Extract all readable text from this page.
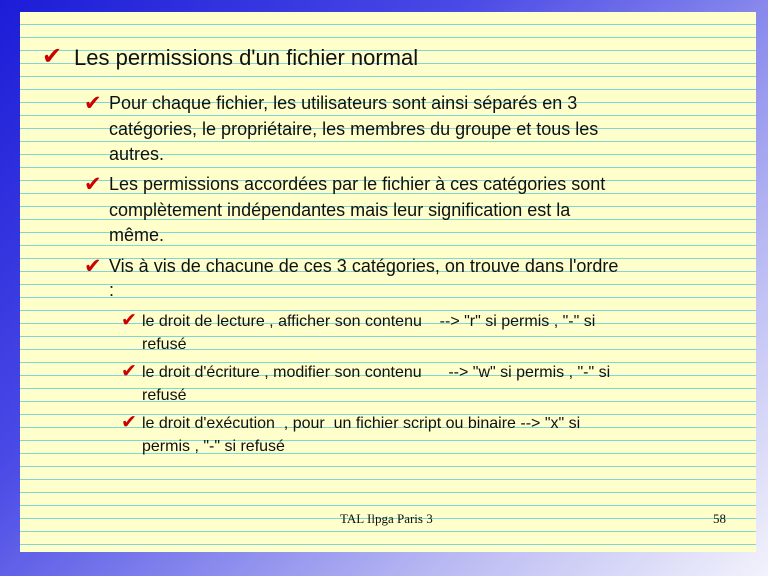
✔ Les permissions d'un fichier normal
✔ Pour chaque fichier, les utilisateurs sont ainsi séparés en 3
catégories, le propriétaire, les membres du groupe et tous les
autres.
✔ Les permissions accordées par le fichier à ces catégories sont
complètement indépendantes mais leur signification est la
même.
✔ Vis à vis de chacune de ces 3 catégories, on trouve dans l'ordre
:
✔ le droit de lecture , afficher son contenu    --> "r" si permis , "-" si
refusé
✔ le droit d'écriture , modifier son contenu      --> "w" si permis , "-" si
refusé
✔ le droit d'exécution  , pour  un fichier script ou binaire --> "x" si
permis , "-" si refusé
TAL Ilpga Paris 3	58
